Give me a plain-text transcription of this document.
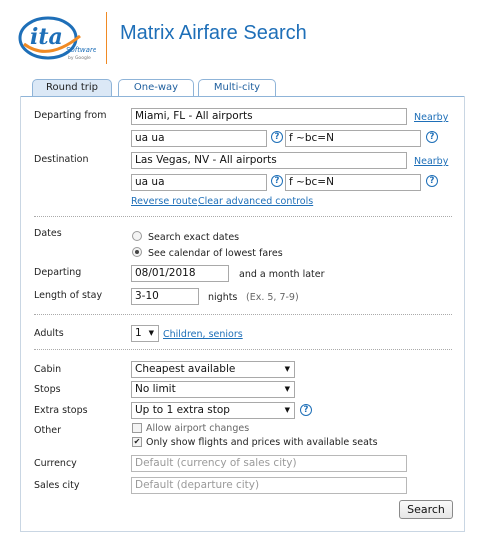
ita Software
by Google
Matrix Airfare Search
Round trip	One-way	Multi-city
Departing from	Miami, FL - All airports	Nearby
ua ua	? f ~bc=N	?
Destination	Las Vegas, NV - All airports	Nearby
ua ua	? f ~bc=N	?
Reverse route Clear advanced controls
Dates	Search exact dates
See calendar of lowest fares
Departing	08/01/2018	and a month later
Length of stay	3-10	nights (Ex. 5, 7-9)
Adults	1 ▼ Children, seniors
Cabin	Cheapest available	▼
Stops	No limit	▼
Extra stops	Up to 1 extra stop	▼	?
Other	Allow airport changes
✔ Only show flights and prices with available seats
Currency	Default (currency of sales city)
Sales city	Default (departure city)
Search
